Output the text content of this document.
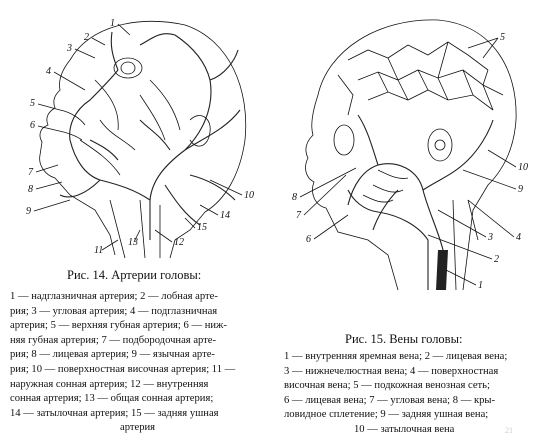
1
2
3
4
5
6
7
8
9
10
11
12
13
14
15
1
2
3 4
5
6
7
8
9
10
Рис. 14. Артерии головы:
1 — надглазничная артерия; 2 — лобная арте-
рия; 3 — угловая артерия; 4 — подглазничная
артерия; 5 — верхняя губная артерия; 6 — ниж-
няя губная артерия; 7 — подбородочная арте-
рия; 8 — лицевая артерия; 9 — язычная арте-
рия; 10 — поверхностная височная артерия; 11 —
наружная сонная артерия; 12 — внутренняя
сонная артерия; 13 — общая сонная артерия;
14 — затылочная артерия; 15 — задняя ушная
артерия
Рис. 15. Вены головы:
1 — внутренняя яремная вена; 2 — лицевая вена;
3 — нижнечелюстная вена; 4 — поверхностная
височная вена; 5 — подкожная венозная сеть;
6 — лицевая вена; 7 — угловая вена; 8 — кры-
ловидное сплетение; 9 — задняя ушная вена;
10 — затылочная вена	21
